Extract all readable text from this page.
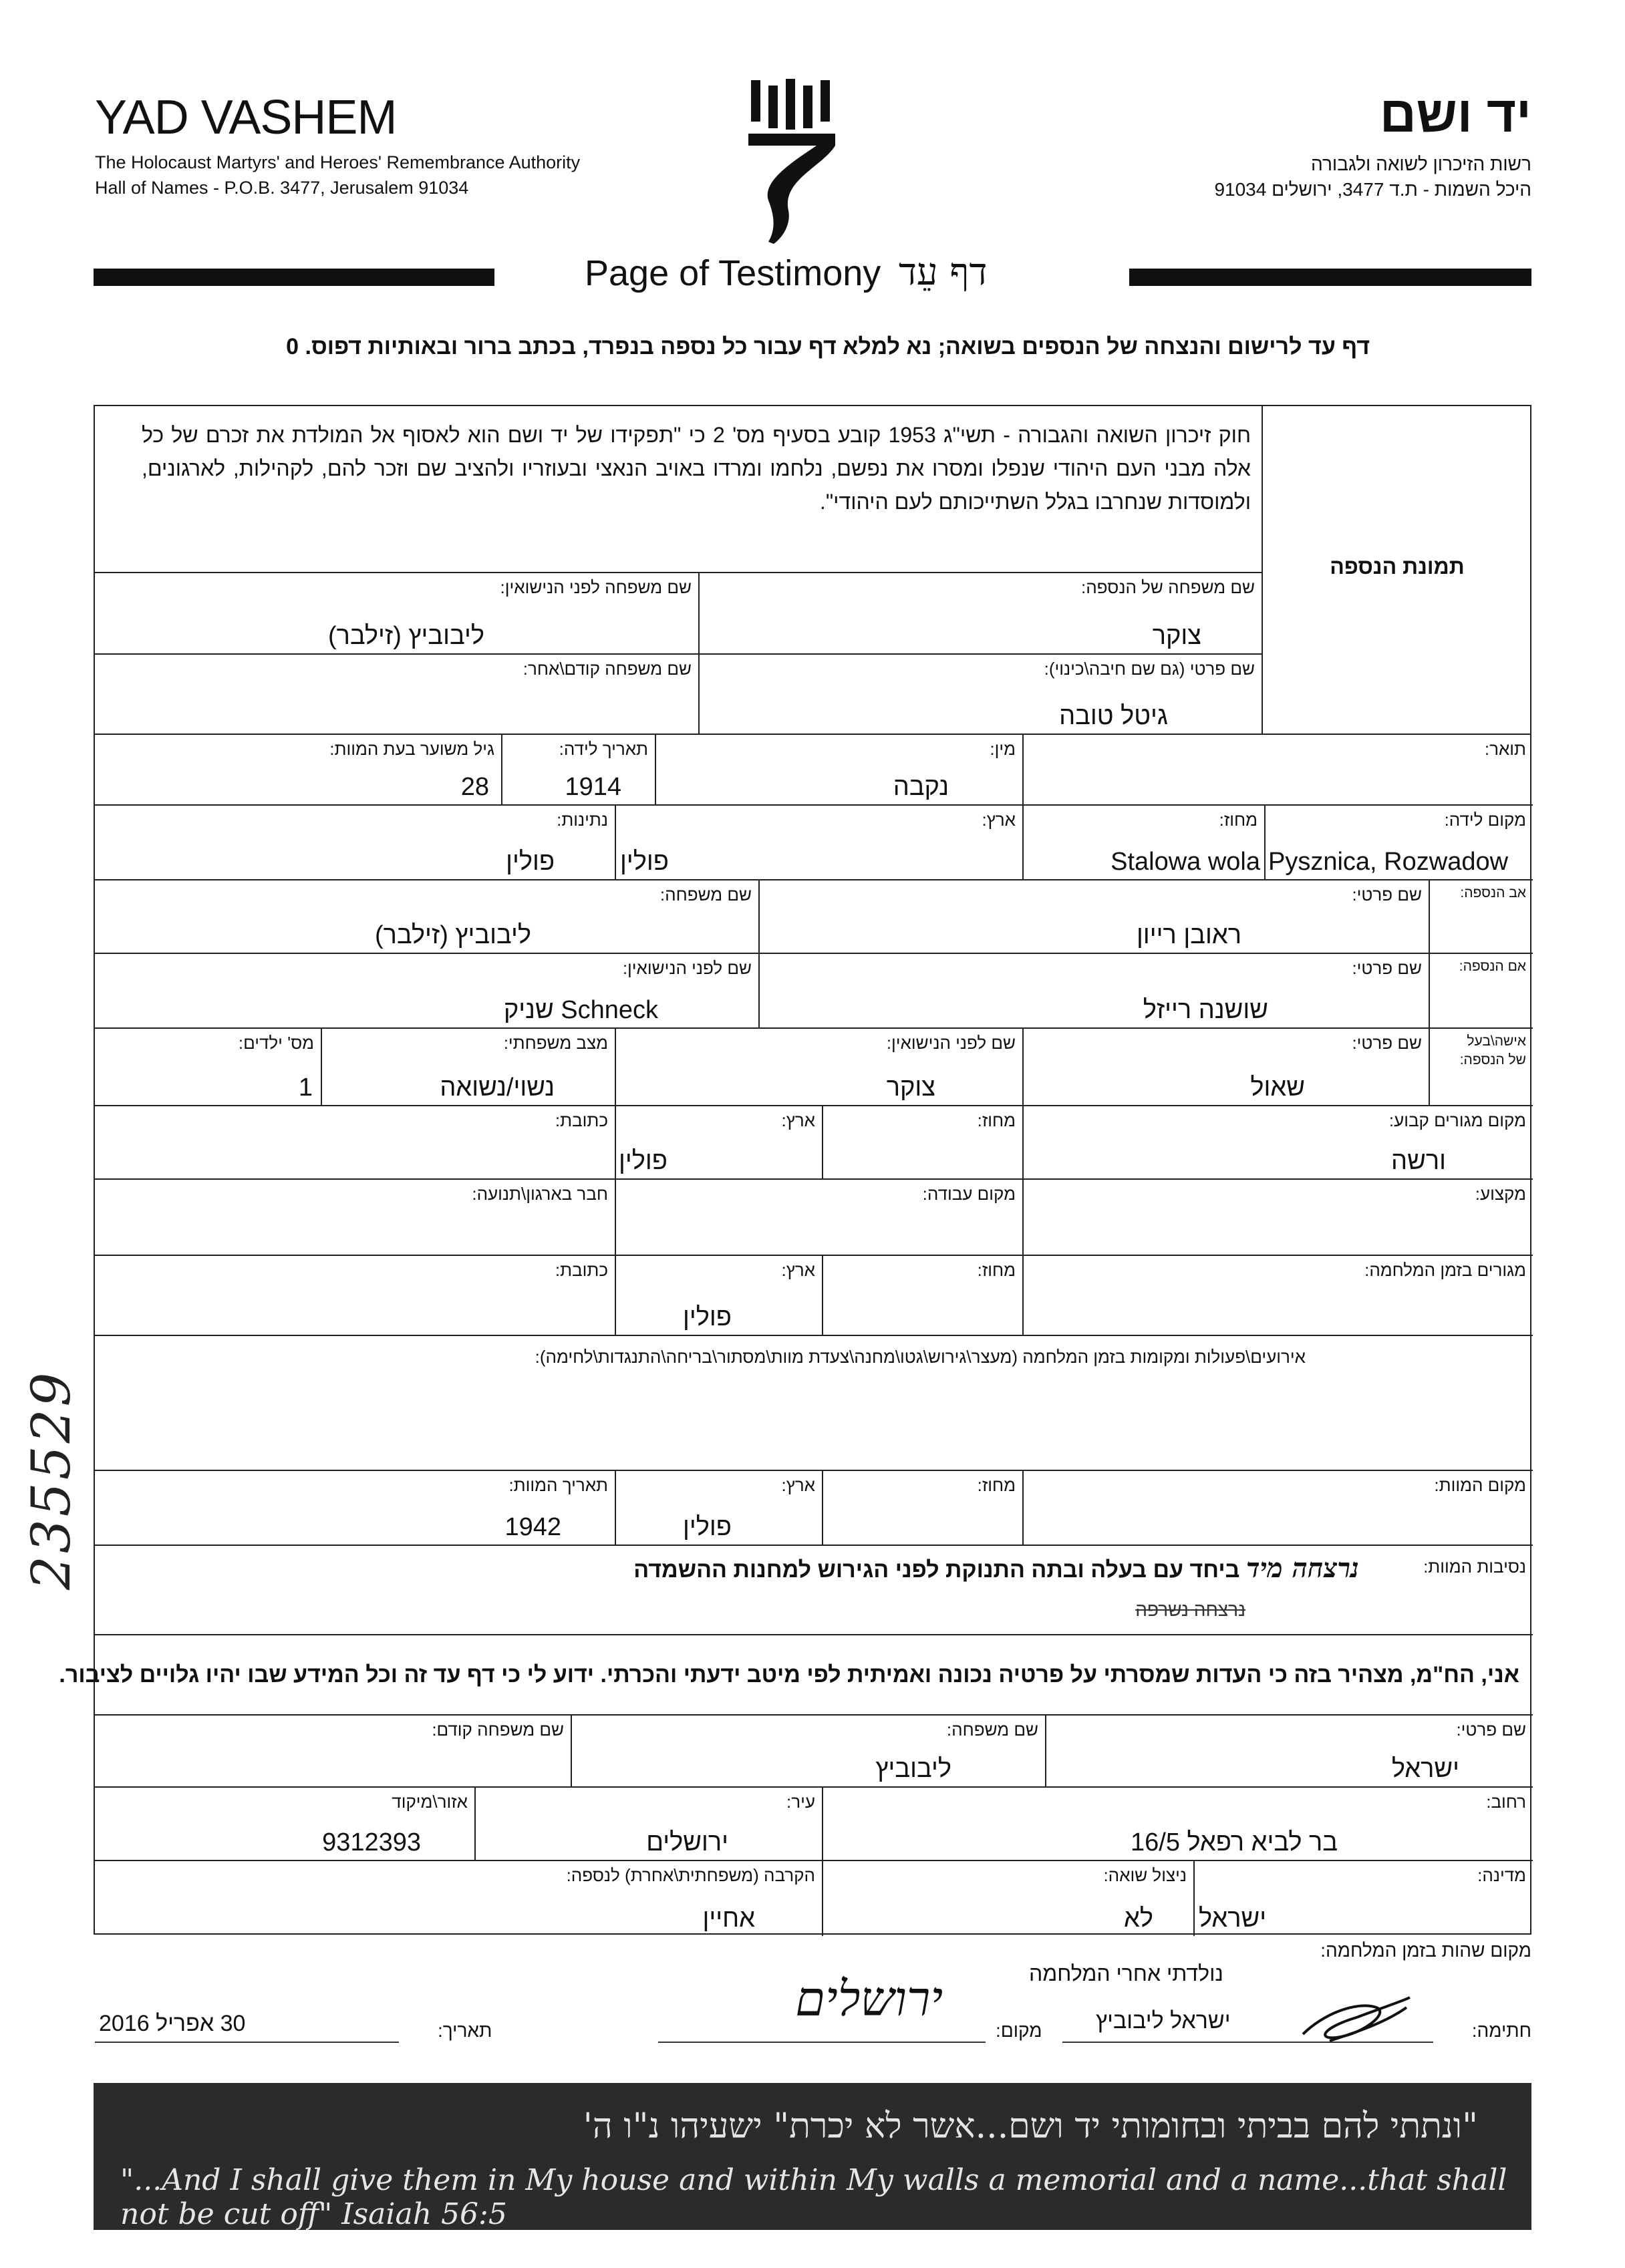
YAD VASHEM
The Holocaust Martyrs' and Heroes' Remembrance Authority
Hall of Names - P.O.B. 3477, Jerusalem 91034
יד ושם
רשות הזיכרון לשואה ולגבורה
היכל השמות - ת.ד 3477, ירושלים 91034
Page of Testimony דף עֵד
דף עד לרישום והנצחה של הנספים בשואה; נא למלא דף עבור כל נספה בנפרד, בכתב ברור ובאותיות דפוס. 0
חוק זיכרון השואה והגבורה - תשי"ג 1953 קובע בסעיף מס' 2 כי "תפקידו של יד ושם הוא לאסוף אל המולדת את זכרם של כל אלה מבני העם היהודי שנפלו ומסרו את נפשם, נלחמו ומרדו באויב הנאצי ובעוזריו ולהציב שם וזכר להם, לקהילות, לארגונים, ולמוסדות שנחרבו בגלל השתייכותם לעם היהודי".
תמונת הנספה
שם משפחה של הנספה:
צוקר
שם משפחה לפני הנישואין:
ליבוביץ (זילבר)
שם פרטי (גם שם חיבה\כינוי):
גיטל טובה
שם משפחה קודם\אחר:
תואר:
מין:
נקבה
תאריך לידה:
1914
גיל משוער בעת המוות:
28
מקום לידה:
Pysznica, Rozwadow
מחוז:
Stalowa wola
ארץ:
פולין
נתינות:
פולין
אב הנספה:
שם פרטי:
ראובן רייון
שם משפחה:
ליבוביץ (זילבר)
אם הנספה:
שם פרטי:
שושנה רייזל
שם לפני הנישואין:
Schneck שניק
אישה\בעל
של הנספה:
שם פרטי:
שאול
שם לפני הנישואין:
צוקר
מצב משפחתי:
נשוי/נשואה
מס' ילדים:
1
מקום מגורים קבוע:
ורשה
מחוז:
ארץ:
פולין
כתובת:
מקצוע:
מקום עבודה:
חבר בארגון\תנועה:
מגורים בזמן המלחמה:
מחוז:
ארץ:
פולין
כתובת:
אירועים\פעולות ומקומות בזמן המלחמה (מעצר\גירוש\גטו\מחנה\צעדת מוות\מסתור\בריחה\התנגדות\לחימה):
מקום המוות:
מחוז:
ארץ:
פולין
תאריך המוות:
1942
נסיבות המוות:
נרצחה מיד ביחד עם בעלה ובתה התנוקת לפני הגירוש למחנות ההשמדה
נרצחה נשרפה
אני, הח"מ, מצהיר בזה כי העדות שמסרתי על פרטיה נכונה ואמיתית לפי מיטב ידעתי והכרתי. ידוע לי כי דף עד זה וכל המידע שבו יהיו גלויים לציבור.
שם פרטי:
ישראל
שם משפחה:
ליבוביץ
שם משפחה קודם:
רחוב:
בר לביא רפאל 16/5
עיר:
ירושלים
אזור\מיקוד
9312393
מדינה:
ישראל
ניצול שואה:
לא
הקרבה (משפחתית\אחרת) לנספה:
אחיין
מקום שהות בזמן המלחמה:
נולדתי אחרי המלחמה
חתימה:
ישראל ליבוביץ
מקום:
ירושלים
תאריך:
30 אפריל 2016
235529
"ונתתי להם בביתי ובחומותי יד ושם...אשר לא יכרת" ישעיהו נ"ו ה'
"...And I shall give them in My house and within My walls a memorial and a name...that shall not be cut off" Isaiah 56:5
